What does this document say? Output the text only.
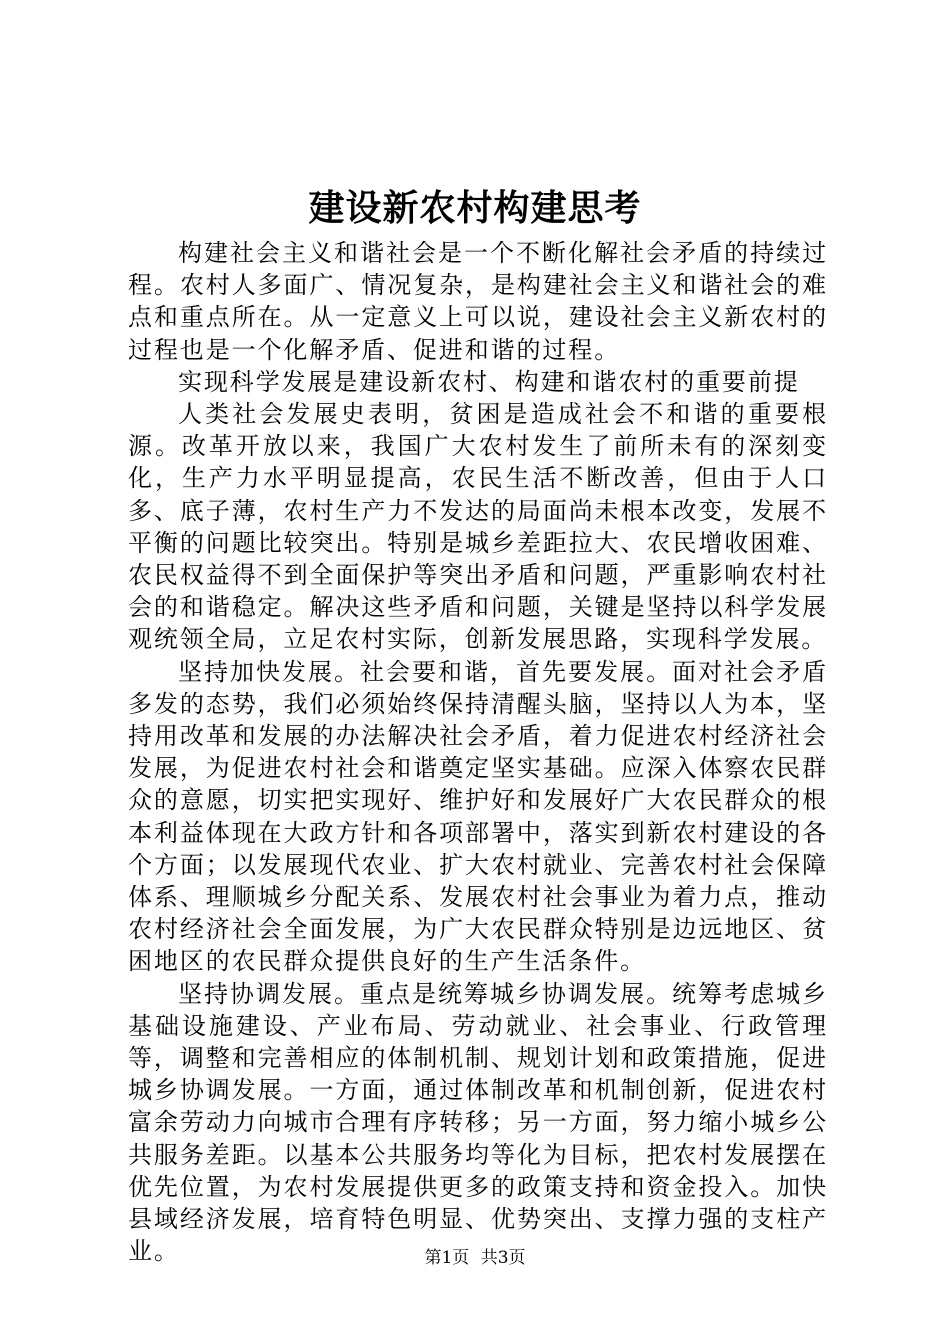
建设新农村构建思考

构建社会主义和谐社会是一个不断化解社会矛盾的持续过程。农村人多面广、情况复杂，是构建社会主义和谐社会的难点和重点所在。从一定意义上可以说，建设社会主义新农村的过程也是一个化解矛盾、促进和谐的过程。

实现科学发展是建设新农村、构建和谐农村的重要前提

人类社会发展史表明，贫困是造成社会不和谐的重要根源。改革开放以来，我国广大农村发生了前所未有的深刻变化，生产力水平明显提高，农民生活不断改善，但由于人口多、底子薄，农村生产力不发达的局面尚未根本改变，发展不平衡的问题比较突出。特别是城乡差距拉大、农民增收困难、农民权益得不到全面保护等突出矛盾和问题，严重影响农村社会的和谐稳定。解决这些矛盾和问题，关键是坚持以科学发展观统领全局，立足农村实际，创新发展思路，实现科学发展。

坚持加快发展。社会要和谐，首先要发展。面对社会矛盾多发的态势，我们必须始终保持清醒头脑，坚持以人为本，坚持用改革和发展的办法解决社会矛盾，着力促进农村经济社会发展，为促进农村社会和谐奠定坚实基础。应深入体察农民群众的意愿，切实把实现好、维护好和发展好广大农民群众的根本利益体现在大政方针和各项部署中，落实到新农村建设的各个方面；以发展现代农业、扩大农村就业、完善农村社会保障体系、理顺城乡分配关系、发展农村社会事业为着力点，推动农村经济社会全面发展，为广大农民群众特别是边远地区、贫困地区的农民群众提供良好的生产生活条件。

坚持协调发展。重点是统筹城乡协调发展。统筹考虑城乡基础设施建设、产业布局、劳动就业、社会事业、行政管理等，调整和完善相应的体制机制、规划计划和政策措施，促进城乡协调发展。一方面，通过体制改革和机制创新，促进农村富余劳动力向城市合理有序转移；另一方面，努力缩小城乡公共服务差距。以基本公共服务均等化为目标，把农村发展摆在优先位置，为农村发展提供更多的政策支持和资金投入。加快县域经济发展，培育特色明显、优势突出、支撑力强的支柱产业。	第1页 共3页
